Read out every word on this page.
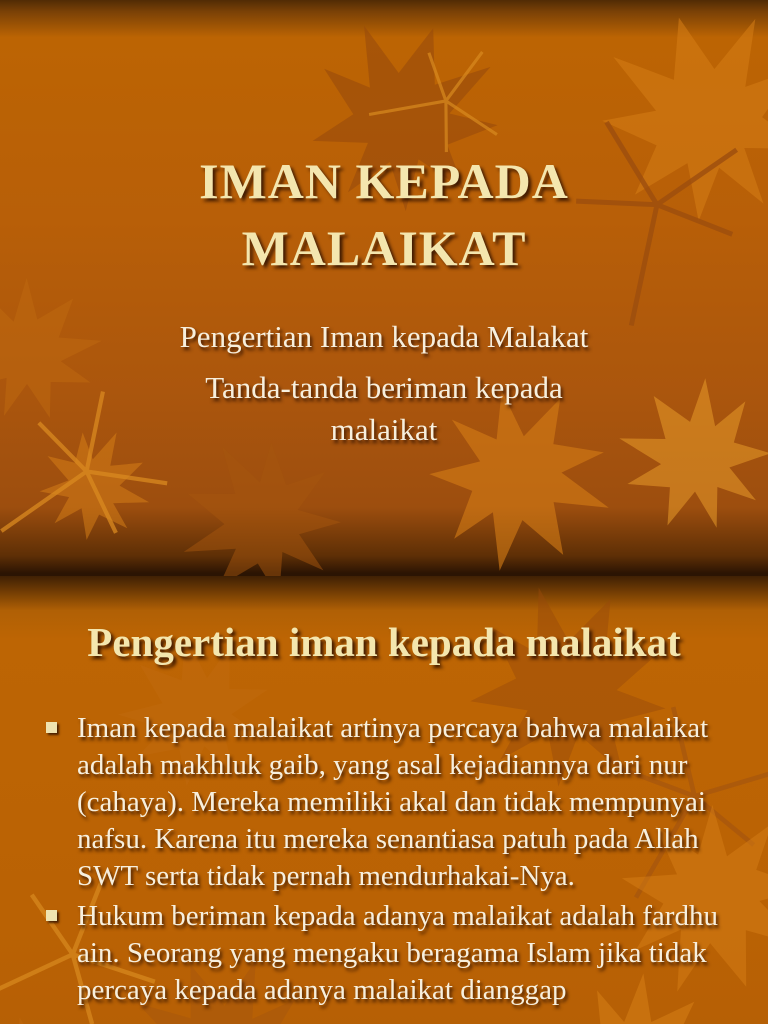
IMAN KEPADA
MALAIKAT

Pengertian Iman kepada Malakat

Tanda-tanda beriman kepada malaikat

Pengertian iman kepada malaikat
Iman kepada malaikat artinya percaya bahwa malaikat adalah makhluk gaib, yang asal kejadiannya dari nur (cahaya). Mereka memiliki akal dan tidak mempunyai nafsu. Karena itu mereka senantiasa patuh pada Allah SWT serta tidak pernah mendurhakai-Nya.
Hukum beriman kepada adanya malaikat adalah fardhu ain. Seorang yang mengaku beragama Islam jika tidak percaya kepada adanya malaikat dianggap
